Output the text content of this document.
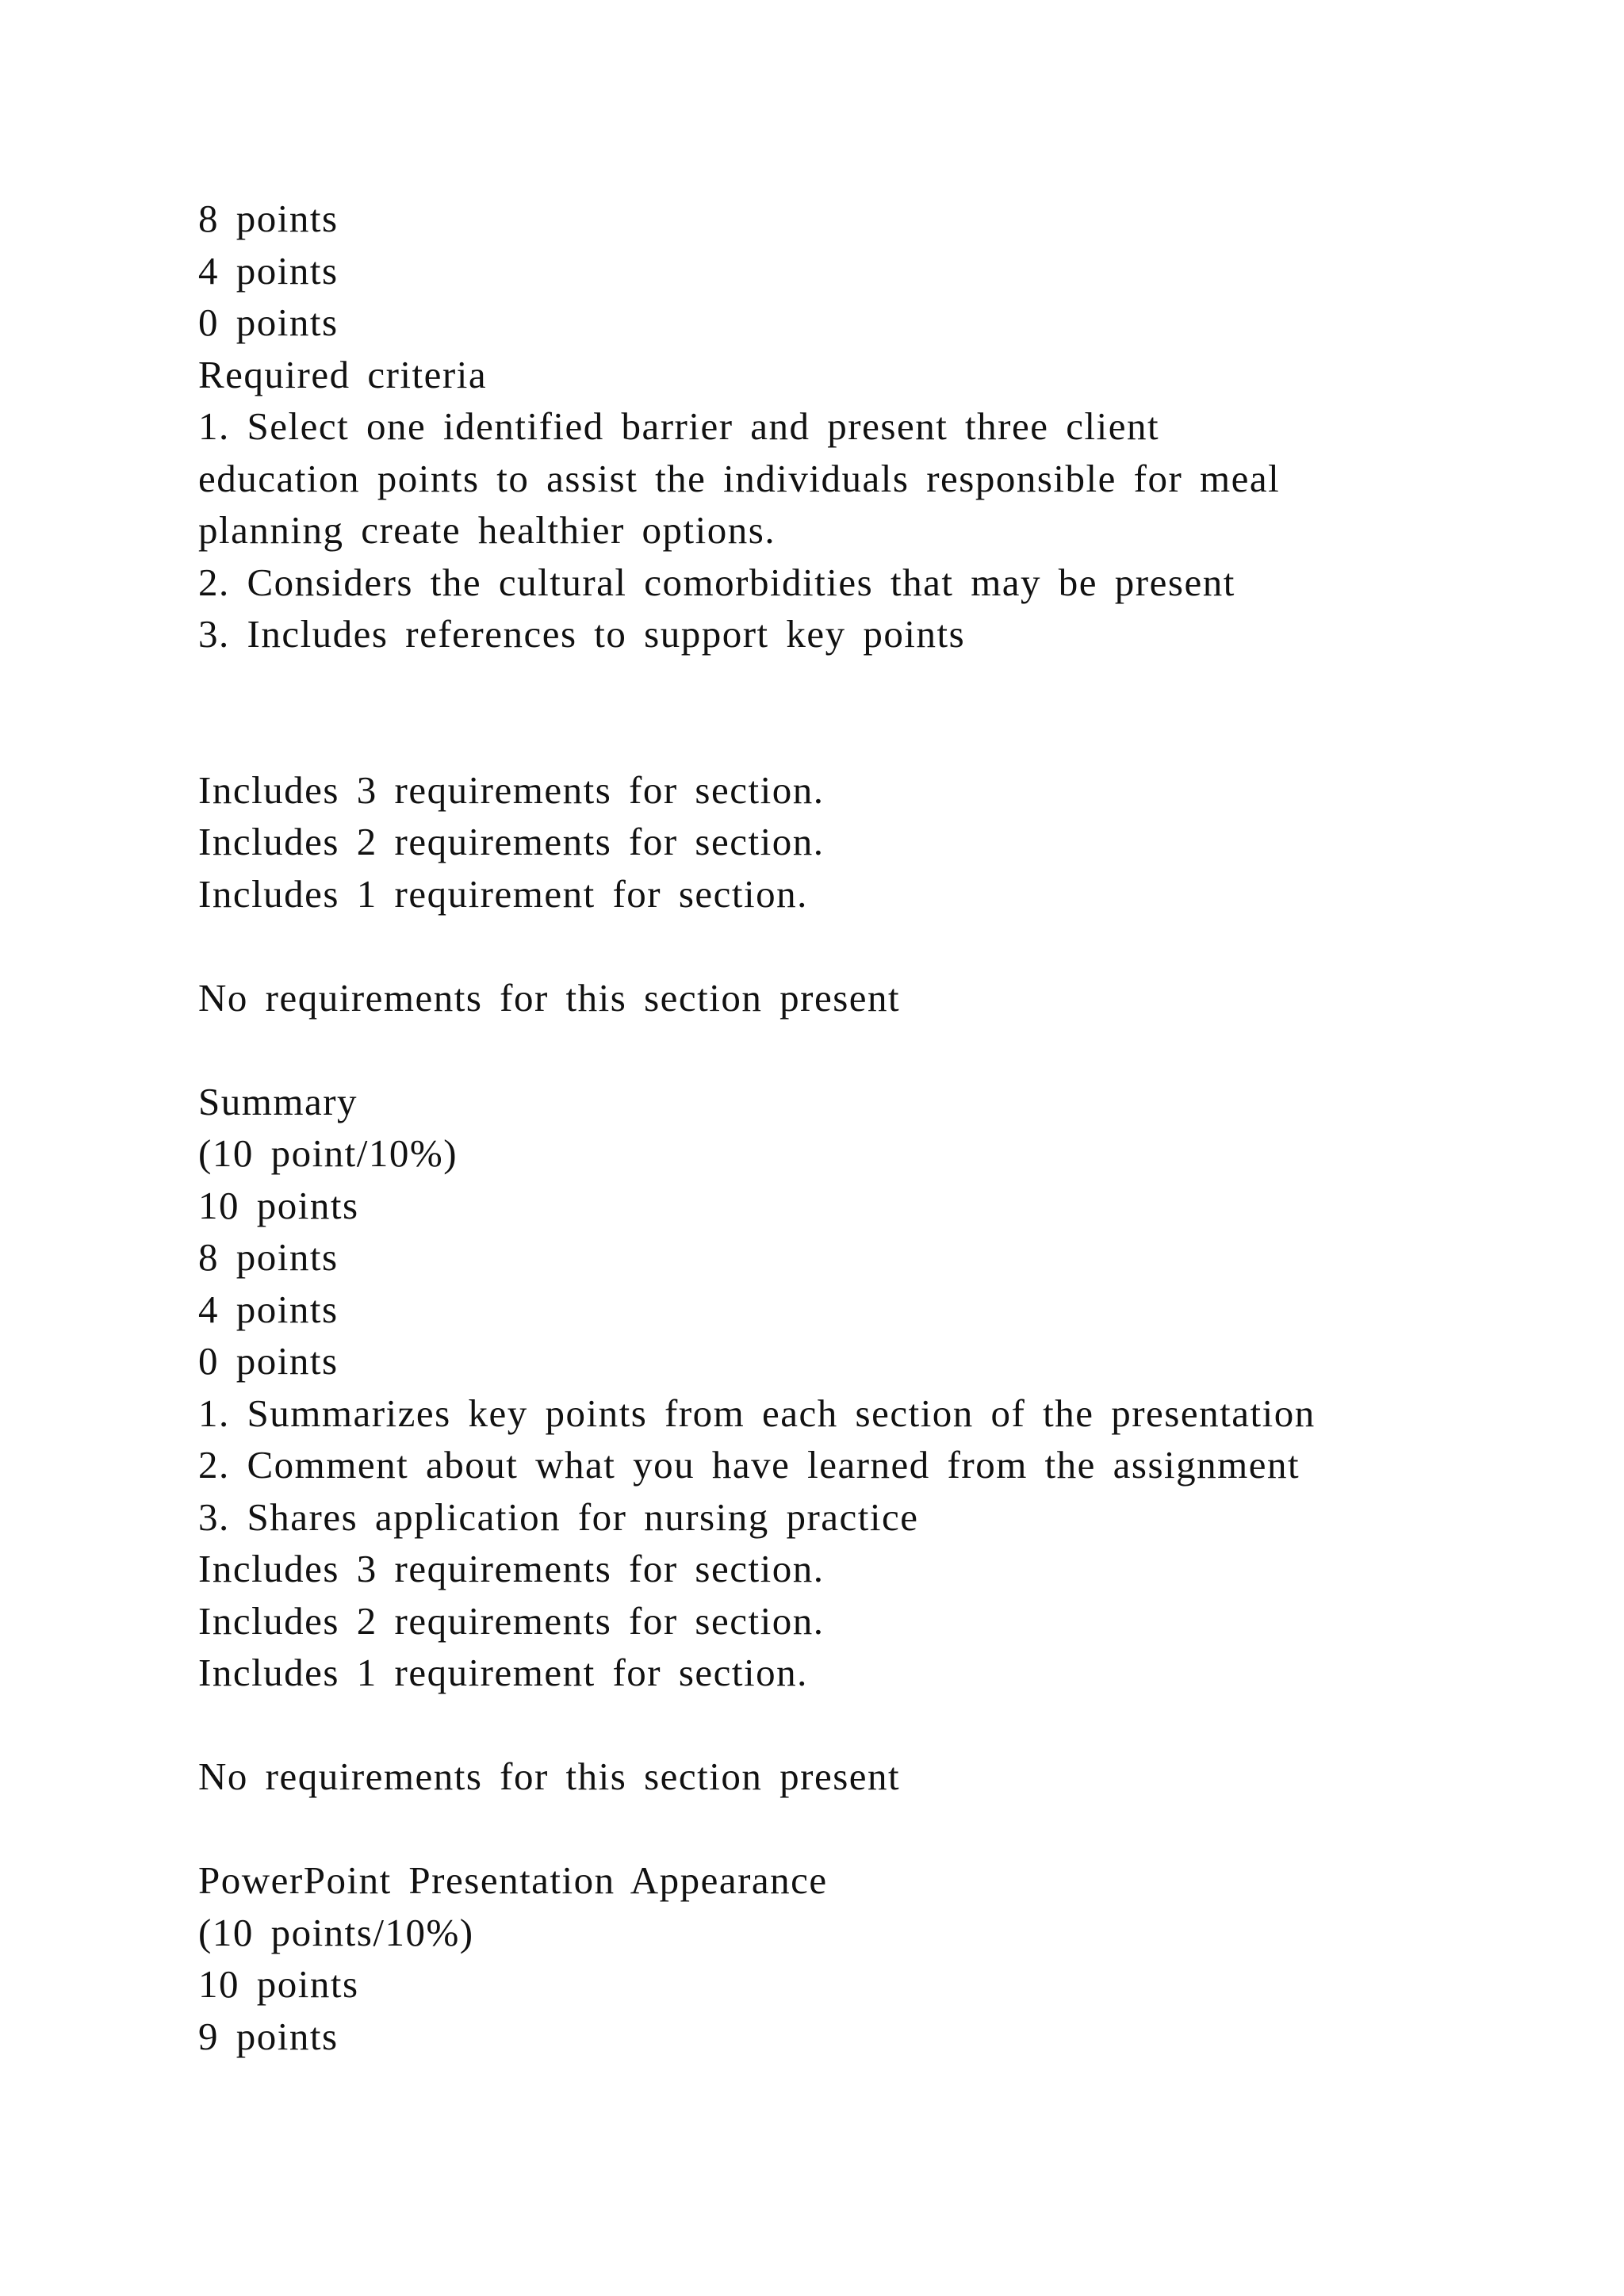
8 points
4 points
0 points
Required criteria
1. Select one identified barrier and present three client
education points to assist the individuals responsible for meal
planning create healthier options.
2. Considers the cultural comorbidities that may be present
3. Includes references to support key points
Includes 3 requirements for section.
Includes 2 requirements for section.
Includes 1 requirement for section.
No requirements for this section present
Summary
(10 point/10%)
10 points
8 points
4 points
0 points
1. Summarizes key points from each section of the presentation
2. Comment about what you have learned from the assignment
3. Shares application for nursing practice
Includes 3 requirements for section.
Includes 2 requirements for section.
Includes 1 requirement for section.
No requirements for this section present
PowerPoint Presentation Appearance
(10 points/10%)
10 points
9 points
